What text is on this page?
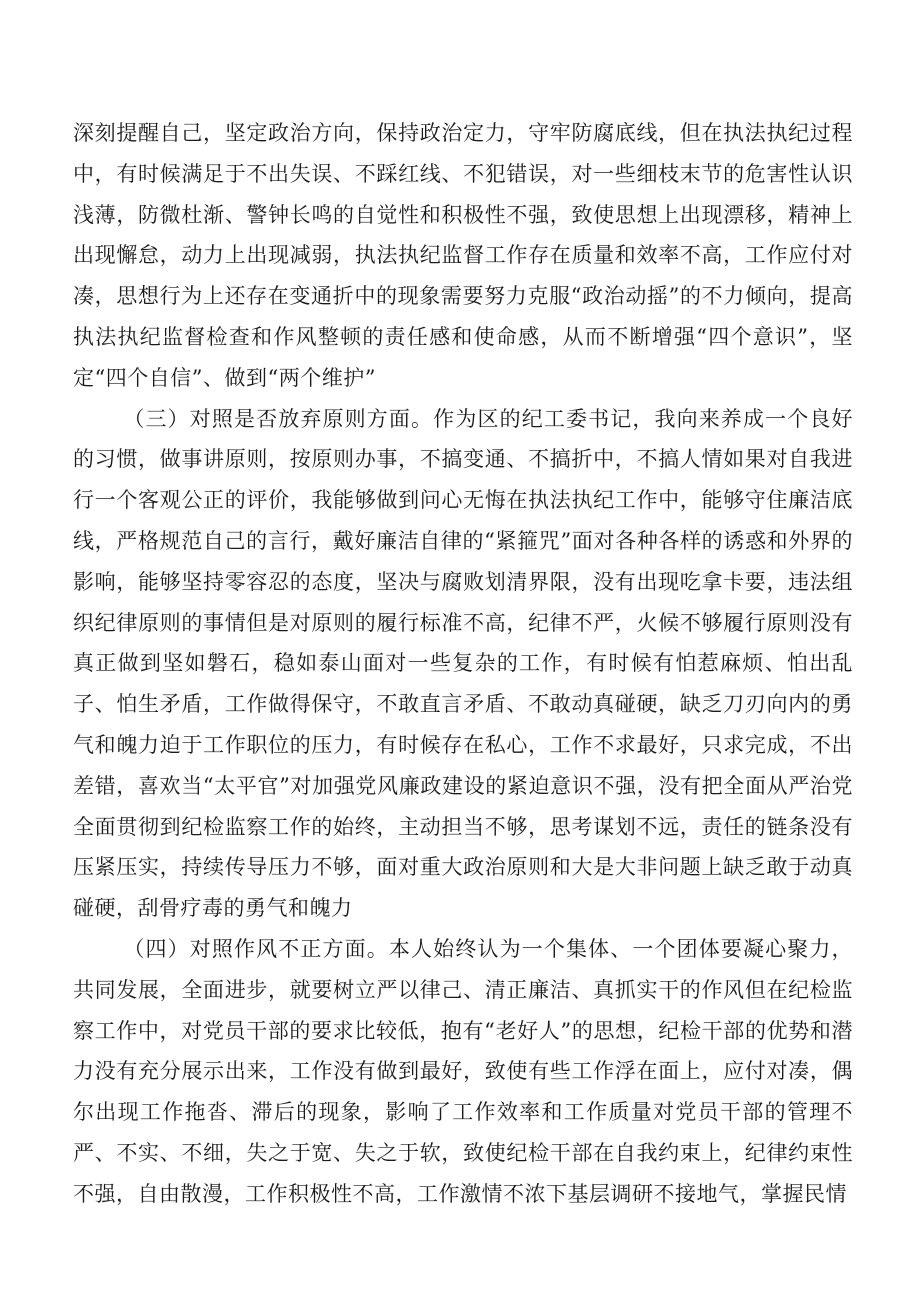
深刻提醒自己，坚定政治方向，保持政治定力，守牢防腐底线，但在执法执纪过程中，有时候满足于不出失误、不踩红线、不犯错误，对一些细枝末节的危害性认识浅薄，防微杜渐、警钟长鸣的自觉性和积极性不强，致使思想上出现漂移，精神上出现懈怠，动力上出现减弱，执法执纪监督工作存在质量和效率不高，工作应付对凑，思想行为上还存在变通折中的现象需要努力克服“政治动摇”的不力倾向，提高执法执纪监督检查和作风整顿的责任感和使命感，从而不断增强“四个意识”，坚定“四个自信”、做到“两个维护”

（三）对照是否放弃原则方面。作为区的纪工委书记，我向来养成一个良好的习惯，做事讲原则，按原则办事，不搞变通、不搞折中，不搞人情如果对自我进行一个客观公正的评价，我能够做到问心无悔在执法执纪工作中，能够守住廉洁底线，严格规范自己的言行，戴好廉洁自律的“紧箍咒”面对各种各样的诱惑和外界的影响，能够坚持零容忍的态度，坚决与腐败划清界限，没有出现吃拿卡要，违法组织纪律原则的事情但是对原则的履行标准不高，纪律不严，火候不够履行原则没有真正做到坚如磐石，稳如泰山面对一些复杂的工作，有时候有怕惹麻烦、怕出乱子、怕生矛盾，工作做得保守，不敢直言矛盾、不敢动真碰硬，缺乏刀刃向内的勇气和魄力迫于工作职位的压力，有时候存在私心，工作不求最好，只求完成，不出差错，喜欢当“太平官”对加强党风廉政建设的紧迫意识不强，没有把全面从严治党全面贯彻到纪检监察工作的始终，主动担当不够，思考谋划不远，责任的链条没有压紧压实，持续传导压力不够，面对重大政治原则和大是大非问题上缺乏敢于动真碰硬，刮骨疗毒的勇气和魄力

（四）对照作风不正方面。本人始终认为一个集体、一个团体要凝心聚力，共同发展，全面进步，就要树立严以律己、清正廉洁、真抓实干的作风但在纪检监察工作中，对党员干部的要求比较低，抱有“老好人”的思想，纪检干部的优势和潜力没有充分展示出来，工作没有做到最好，致使有些工作浮在面上，应付对凑，偶尔出现工作拖沓、滞后的现象，影响了工作效率和工作质量对党员干部的管理不严、不实、不细，失之于宽、失之于软，致使纪检干部在自我约束上，纪律约束性不强，自由散漫，工作积极性不高，工作激情不浓下基层调研不接地气，掌握民情
